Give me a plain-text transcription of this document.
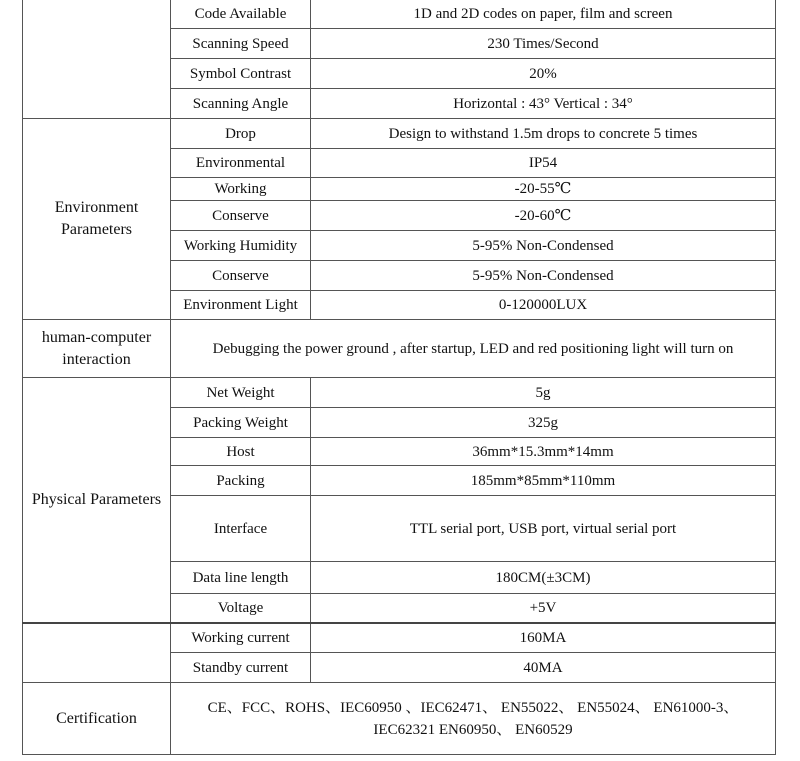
	Code Available	1D and 2D codes on paper, film and screen
	Scanning Speed	230 Times/Second
	Symbol Contrast	20%
	Scanning Angle	Horizontal : 43° Vertical : 34°
Environment Parameters	Drop	Design to withstand 1.5m drops to concrete 5 times
	Environmental	IP54
	Working	-20-55℃
	Conserve	-20-60℃
	Working Humidity	5-95% Non-Condensed
	Conserve	5-95% Non-Condensed
	Environment Light	0-120000LUX
human-computer interaction	Debugging the power ground , after startup, LED and red positioning light will turn on	
Physical Parameters	Net Weight	5g
	Packing Weight	325g
	Host	36mm*15.3mm*14mm
	Packing	185mm*85mm*110mm
	Interface	TTL serial port, USB port, virtual serial port
	Data line length	180CM(±3CM)
	Voltage	+5V
	Working current	160MA
	Standby current	40MA
Certification	CE、FCC、ROHS、IEC60950 、IEC62471、 EN55022、 EN55024、 EN61000-3、 IEC62321 EN60950、 EN60529	
